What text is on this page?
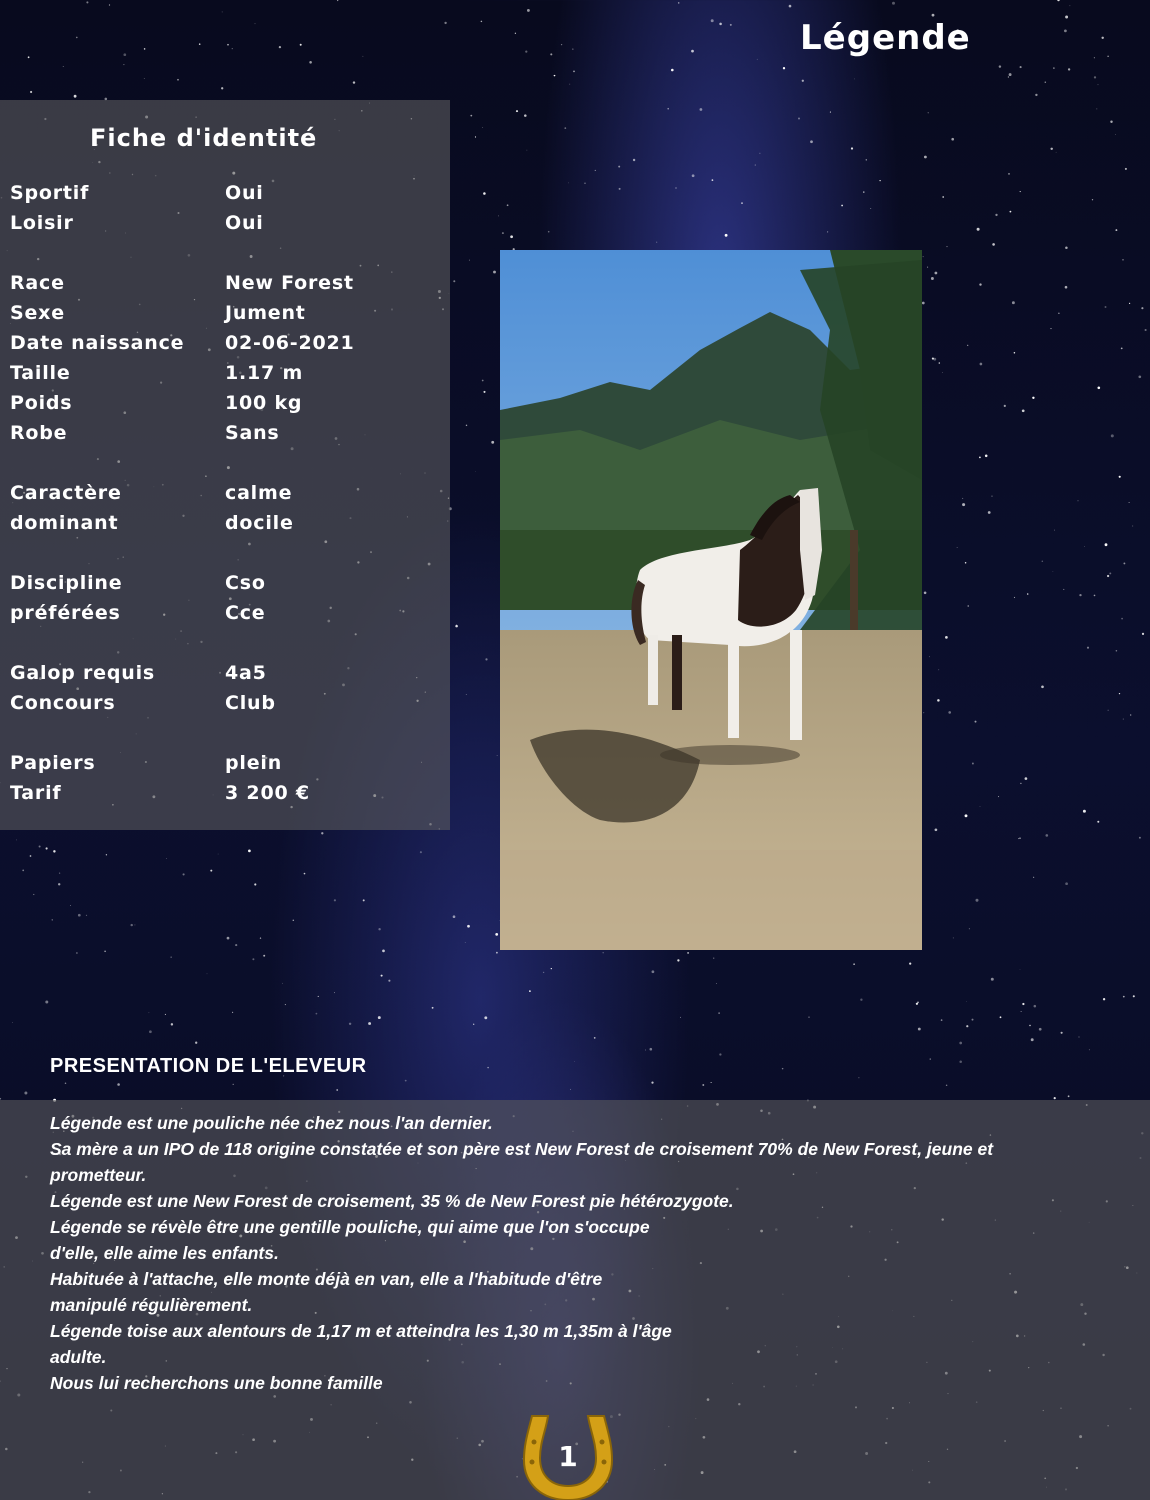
Légende
Fiche d'identité
Sportif	Oui
Loisir	Oui
Race	New Forest
Sexe	Jument
Date naissance	02-06-2021
Taille	1.17 m
Poids	100 kg
Robe	Sans
Caractère	calme
dominant	docile
Discipline	Cso
préférées	Cce
Galop requis	4a5
Concours	Club
Papiers	plein
Tarif	3 200 €
PRESENTATION DE L'ELEVEUR

Légende est une pouliche née chez nous l'an dernier.

Sa mère a un IPO de 118 origine constatée et son père est New Forest de croisement 70% de New Forest, jeune et prometteur.

Légende est une New Forest de croisement, 35 % de New Forest pie hétérozygote.

Légende se révèle être une gentille pouliche, qui aime que l'on s'occupe

d'elle, elle aime les enfants.

Habituée à l'attache, elle monte déjà en van, elle a l'habitude d'être

manipulé régulièrement.

Légende toise aux alentours de 1,17 m et atteindra les 1,30 m 1,35m à l'âge

adulte.

Nous lui recherchons une bonne famille

1
